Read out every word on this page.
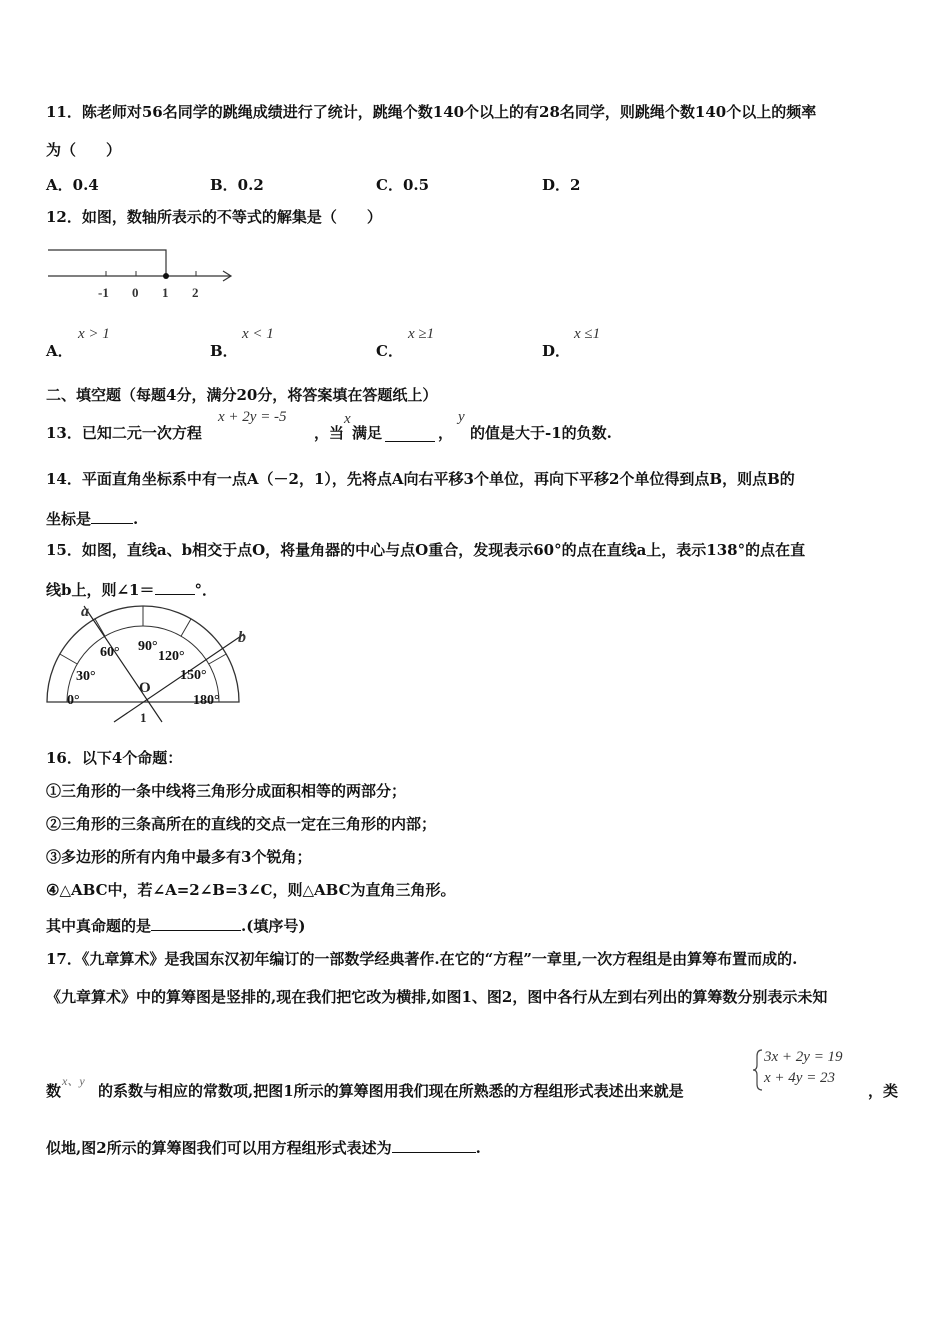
11．陈老师对56名同学的跳绳成绩进行了统计，跳绳个数140个以上的有28名同学，则跳绳个数140个以上的频率
为（　　）
A．0.4	B．0.2	C．0.5	D．2
12．如图，数轴所表示的不等式的解集是（　　）
-1 0 1 2
A．
x > 1
B．
x < 1
C．
x ≥1
D．
x ≤1
二、填空题（每题4分，满分20分，将答案填在答题纸上）
13．已知二元一次方程
x + 2y = -5
，当
x
满足	，
y
的值是大于-1的负数.
14．平面直角坐标系中有一点A（－2，1），先将点A向右平移3个单位，再向下平移2个单位得到点B，则点B的
坐标是	.
15．如图，直线a、b相交于点O，将量角器的中心与点O重合，发现表示60°的点在直线a上，表示138°的点在直
线b上，则∠1＝	°．
a
b
0°
30°
60° 90°
120°
150°
180°
O
1
16．以下4个命题：
①三角形的一条中线将三角形分成面积相等的两部分；
②三角形的三条高所在的直线的交点一定在三角形的内部；
③多边形的所有内角中最多有3个锐角；
④△ABC中，若∠A=2∠B=3∠C，则△ABC为直角三角形。
其中真命题的是	.(填序号)
17．《九章算术》是我国东汉初年编订的一部数学经典著作.在它的“方程”一章里,一次方程组是由算筹布置而成的.
《九章算术》中的算筹图是竖排的,现在我们把它改为横排,如图1、图2，图中各行从左到右列出的算筹数分别表示未知
数
x、y
的系数与相应的常数项,把图1所示的算筹图用我们现在所熟悉的方程组形式表述出来就是
3x + 2y = 19
x + 4y = 23
，类
似地,图2所示的算筹图我们可以用方程组形式表述为	.
